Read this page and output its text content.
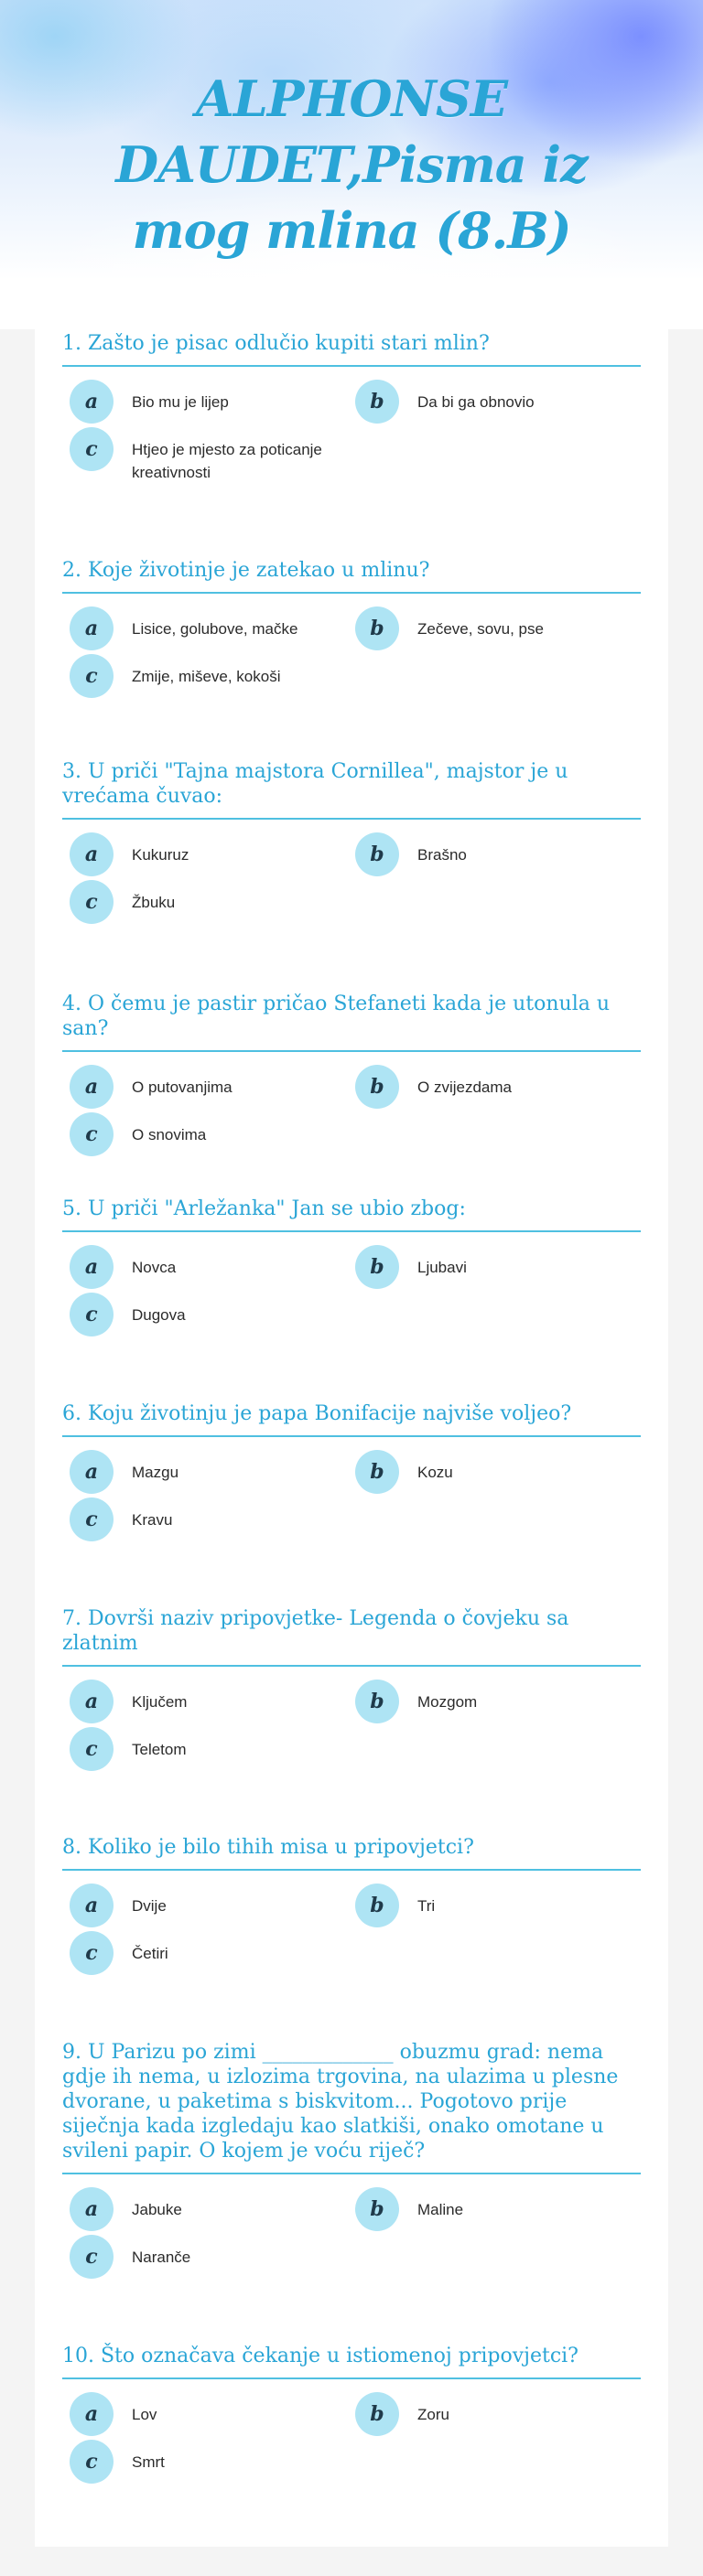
ALPHONSE DAUDET,Pisma iz mog mlina (8.B)

1. Zašto je pisac odlučio kupiti stari mlin?

a	Bio mu je lijep	b	Da bi ga obnovio
c	Htjeo je mjesto za poticanje kreativnosti

2. Koje životinje je zatekao u mlinu?

a	Lisice, golubove, mačke	b	Zečeve, sovu, pse
c	Zmije, miševe, kokoši

3. U priči "Tajna majstora Cornillea", majstor je u vrećama čuvao:

a	Kukuruz	b	Brašno
c	Žbuku

4. O čemu je pastir pričao Stefaneti kada je utonula u san?

a	O putovanjima	b	O zvijezdama
c	O snovima

5. U priči "Arležanka" Jan se ubio zbog:

a	Novca	b	Ljubavi
c	Dugova

6. Koju životinju je papa Bonifacije najviše voljeo?

a	Mazgu	b	Kozu
c	Kravu

7. Dovrši naziv pripovjetke- Legenda o čovjeku sa zlatnim

a	Ključem	b	Mozgom
c	Teletom

8. Koliko je bilo tihih misa u pripovjetci?

a	Dvije	b	Tri
c	Četiri

9. U Parizu po zimi _____________ obuzmu grad: nema gdje ih nema, u izlozima trgovina, na ulazima u plesne dvorane, u paketima s biskvitom... Pogotovo prije siječnja kada izgledaju kao slatkiši, onako omotane u svileni papir. O kojem je voću riječ?

a	Jabuke	b	Maline
c	Naranče

10. Što označava čekanje u istiomenoj pripovjetci?

a	Lov	b	Zoru
c	Smrt
